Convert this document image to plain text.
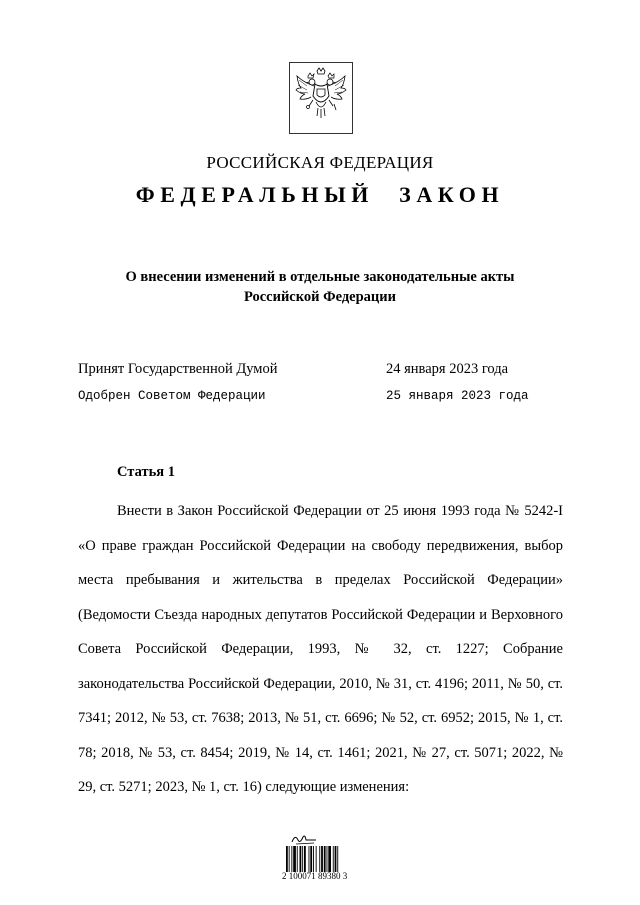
РОССИЙСКАЯ ФЕДЕРАЦИЯ
ФЕДЕРАЛЬНЫЙ ЗАКОН
О внесении изменений в отдельные законодательные акты
Российской Федерации
Принят Государственной Думой	24 января 2023 года
Одобрен Советом Федерации	25 января 2023 года
Статья 1

Внести в Закон Российской Федерации от 25 июня 1993 года № 5242-I «О праве граждан Российской Федерации на свободу передвижения, выбор места пребывания и жительства в пределах Российской Федерации» (Ведомости Съезда народных депутатов Российской Федерации и Верховного Совета Российской Федерации, 1993, № 32, ст. 1227; Собрание законодательства Российской Федерации, 2010, № 31, ст. 4196; 2011, № 50, ст. 7341; 2012, № 53, ст. 7638; 2013, № 51, ст. 6696; № 52, ст. 6952; 2015, № 1, ст. 78; 2018, № 53, ст. 8454; 2019, № 14, ст. 1461; 2021, № 27, ст. 5071; 2022, № 29, ст. 5271; 2023, № 1, ст. 16) следующие изменения:

2 100071 89380 3
